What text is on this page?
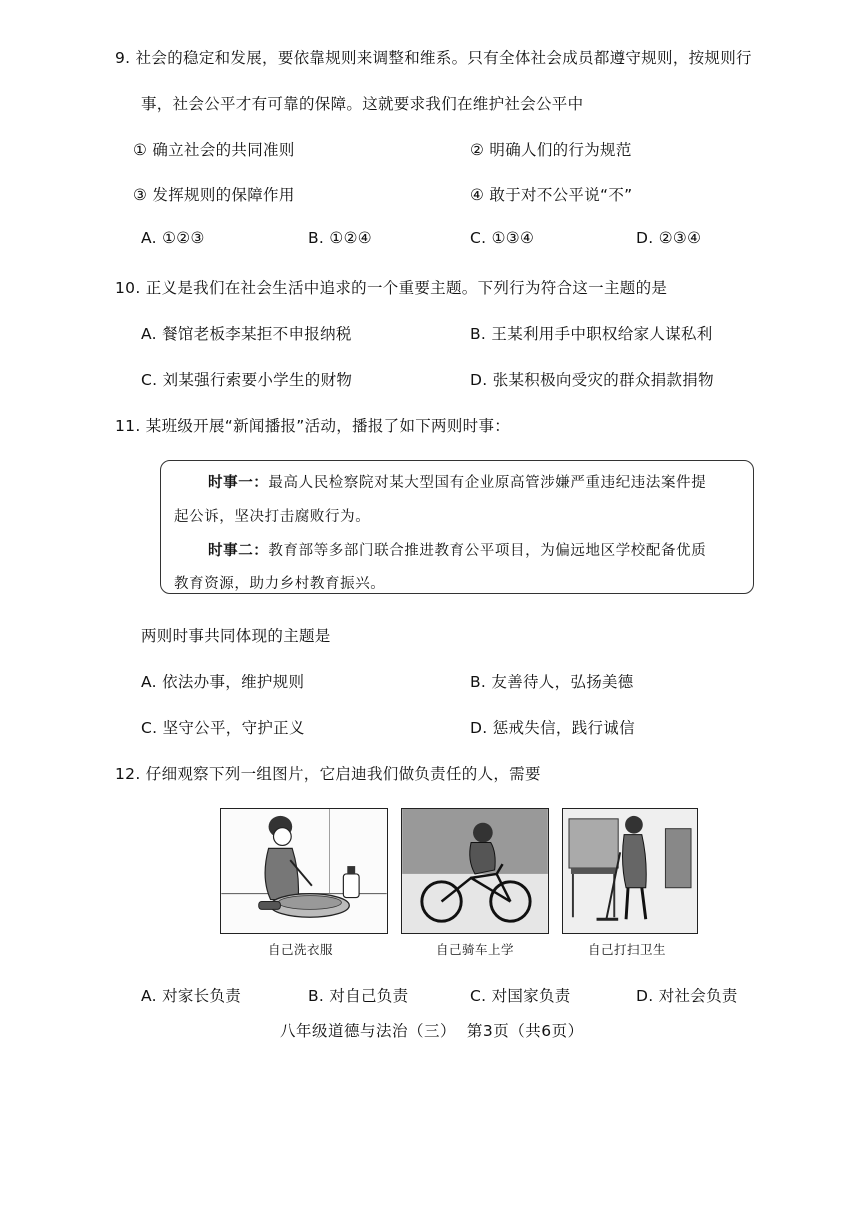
9. 社会的稳定和发展，要依靠规则来调整和维系。只有全体社会成员都遵守规则，按规则行
事，社会公平才有可靠的保障。这就要求我们在维护社会公平中
① 确立社会的共同准则	② 明确人们的行为规范
③ 发挥规则的保障作用	④ 敢于对不公平说“不”
A. ①②③	B. ①②④	C. ①③④	D. ②③④
10. 正义是我们在社会生活中追求的一个重要主题。下列行为符合这一主题的是
A. 餐馆老板李某拒不申报纳税	B. 王某利用手中职权给家人谋私利
C. 刘某强行索要小学生的财物	D. 张某积极向受灾的群众捐款捐物
11. 某班级开展“新闻播报”活动，播报了如下两则时事：
时事一：最高人民检察院对某大型国有企业原高管涉嫌严重违纪违法案件提
起公诉，坚决打击腐败行为。
时事二：教育部等多部门联合推进教育公平项目，为偏远地区学校配备优质
教育资源，助力乡村教育振兴。
两则时事共同体现的主题是
A. 依法办事，维护规则	B. 友善待人，弘扬美德
C. 坚守公平，守护正义	D. 惩戒失信，践行诚信
12. 仔细观察下列一组图片，它启迪我们做负责任的人，需要
自己洗衣服	自己骑车上学	自己打扫卫生
A. 对家长负责	B. 对自己负责	C. 对国家负责	D. 对社会负责
八年级道德与法治（三）  第3页（共6页）
